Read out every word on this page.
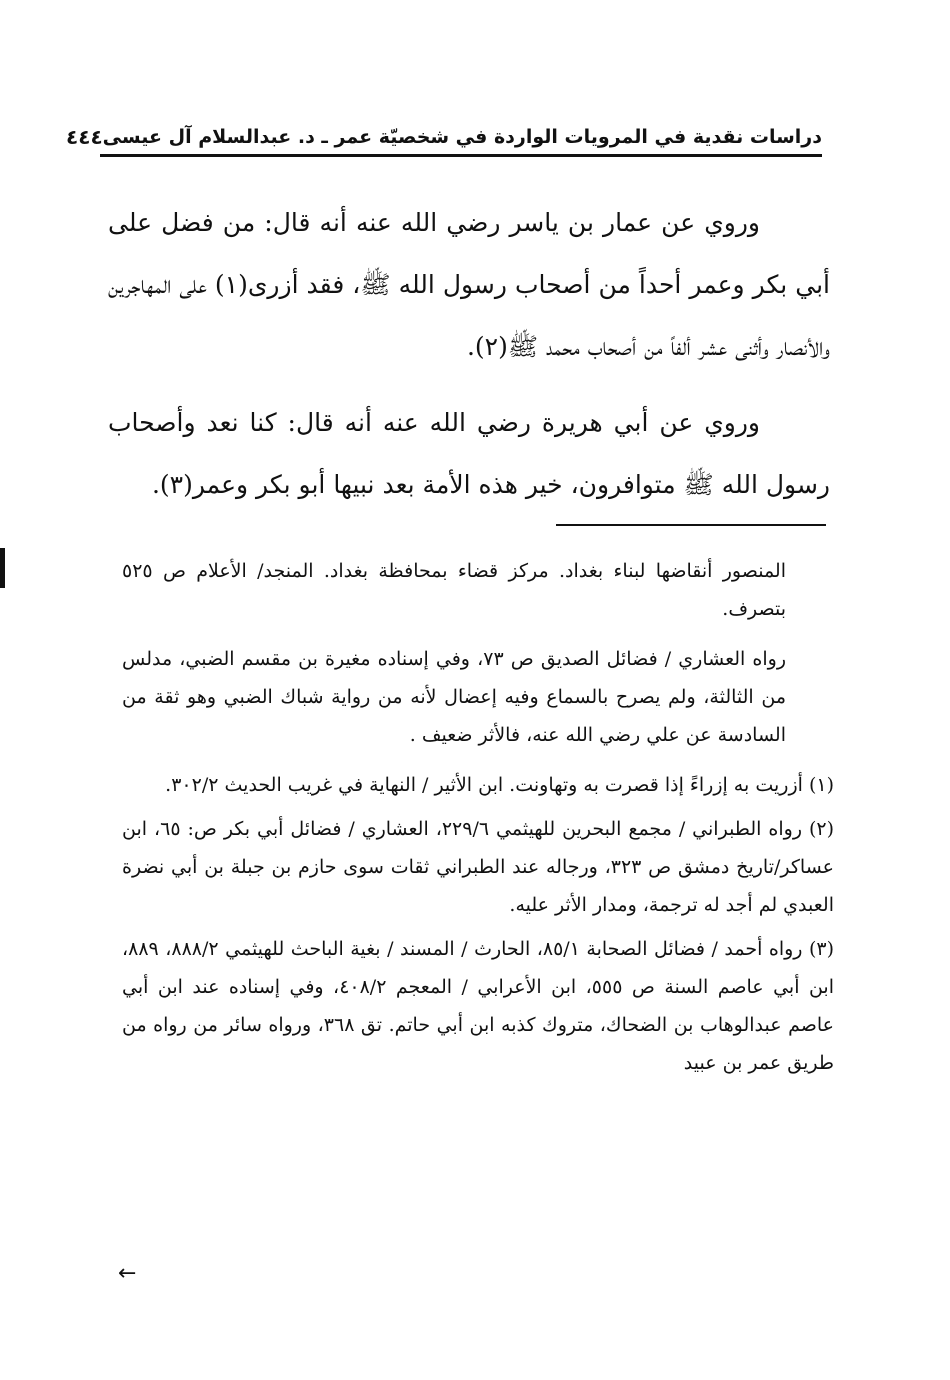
دراسات نقدية في المرويات الواردة في شخصيّة عمر ـ د. عبدالسلام آل عيسى
٤٤٤

وروي عن عمار بن ياسر رضي الله عنه أنه قال: من فضل على أبي بكر وعمر أحداً من أصحاب رسول الله ﷺ، فقد أزرى(١) على المهاجرين والأنصار وأثنى عشر ألفاً من أصحاب محمد ﷺ(٢).

وروي عن أبي هريرة رضي الله عنه أنه قال: كنا نعد وأصحاب رسول الله ﷺ متوافرون، خير هذه الأمة بعد نبيها أبو بكر وعمر(٣).

المنصور أنقاضها لبناء بغداد. مركز قضاء بمحافظة بغداد. المنجد/ الأعلام ص ٥٢٥ بتصرف.

رواه العشاري / فضائل الصديق ص ٧٣، وفي إسناده مغيرة بن مقسم الضبي، مدلس من الثالثة، ولم يصرح بالسماع وفيه إعضال لأنه من رواية شباك الضبي وهو ثقة من السادسة عن علي رضي الله عنه، فالأثر ضعيف .

(١) أزريت به إزراءً إذا قصرت به وتهاونت. ابن الأثير / النهاية في غريب الحديث ٣٠٢/٢.

(٢) رواه الطبراني / مجمع البحرين للهيثمي ٢٢٩/٦، العشاري / فضائل أبي بكر ص: ٦٥، ابن عساكر/تاريخ دمشق ص ٣٢٣، ورجاله عند الطبراني ثقات سوى حازم بن جبلة بن أبي نضرة العبدي لم أجد له ترجمة، ومدار الأثر عليه.

(٣) رواه أحمد / فضائل الصحابة ٨٥/١، الحارث / المسند / بغية الباحث للهيثمي ٨٨٨/٢، ٨٨٩، ابن أبي عاصم السنة ص ٥٥٥، ابن الأعرابي / المعجم ٤٠٨/٢، وفي إسناده عند ابن أبي عاصم عبدالوهاب بن الضحاك، متروك كذبه ابن أبي حاتم. تق ٣٦٨، ورواه سائر من رواه من طريق عمر بن عبيد

←
